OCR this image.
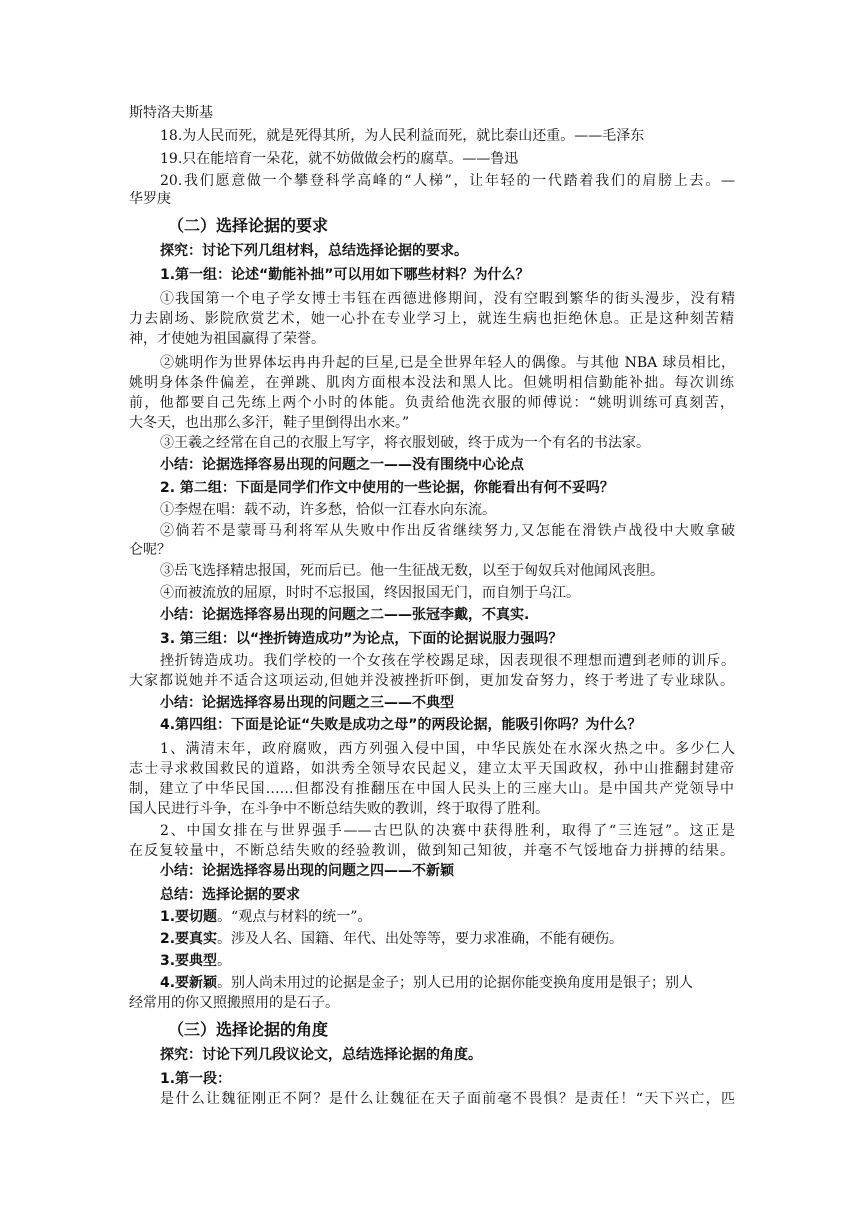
斯特洛夫斯基
18.为人民而死，就是死得其所，为人民利益而死，就比泰山还重。——毛泽东
19.只在能培育一朵花，就不妨做做会朽的腐草。——鲁迅
20.我们愿意做一个攀登科学高峰的“人梯”，让年轻的一代踏着我们的肩膀上去。—
华罗庚
（二）选择论据的要求
探究：讨论下列几组材料，总结选择论据的要求。
1.第一组：论述“勤能补拙”可以用如下哪些材料？为什么？
①我国第一个电子学女博士韦钰在西德进修期间，没有空暇到繁华的街头漫步，没有精
力去剧场、影院欣赏艺术，她一心扑在专业学习上，就连生病也拒绝休息。正是这种刻苦精
神，才使她为祖国赢得了荣誉。
②姚明作为世界体坛冉冉升起的巨星,已是全世界年轻人的偶像。与其他 NBA 球员相比，
姚明身体条件偏差，在弹跳、肌肉方面根本没法和黑人比。但姚明相信勤能补拙。每次训练
前，他都要自己先练上两个小时的体能。负责给他洗衣服的师傅说：“姚明训练可真刻苦，
大冬天，也出那么多汗，鞋子里倒得出水来。”
③王羲之经常在自己的衣服上写字，将衣服划破，终于成为一个有名的书法家。
小结：论据选择容易出现的问题之一——没有围绕中心论点
2. 第二组：下面是同学们作文中使用的一些论据，你能看出有何不妥吗？
①李煜在唱：载不动，许多愁，恰似一江春水向东流。
②倘若不是蒙哥马利将军从失败中作出反省继续努力,又怎能在滑铁卢战役中大败拿破
仑呢？
③岳飞选择精忠报国，死而后已。他一生征战无数，以至于匈奴兵对他闻风丧胆。
④而被流放的屈原，时时不忘报国，终因报国无门，而自刎于乌江。
小结：论据选择容易出现的问题之二——张冠李戴，不真实.
3. 第三组：以“挫折铸造成功”为论点，下面的论据说服力强吗？
挫折铸造成功。我们学校的一个女孩在学校踢足球，因表现很不理想而遭到老师的训斥。
大家都说她并不适合这项运动,但她并没被挫折吓倒，更加发奋努力，终于考进了专业球队。
小结：论据选择容易出现的问题之三——不典型
4.第四组：下面是论证“失败是成功之母”的两段论据，能吸引你吗？为什么？
1、满清末年，政府腐败，西方列强入侵中国，中华民族处在水深火热之中。多少仁人
志士寻求救国救民的道路，如洪秀全领导农民起义，建立太平天国政权，孙中山推翻封建帝
制，建立了中华民国……但都没有推翻压在中国人民头上的三座大山。是中国共产党领导中
国人民进行斗争，在斗争中不断总结失败的教训，终于取得了胜利。
2、中国女排在与世界强手——古巴队的决赛中获得胜利，取得了“三连冠”。这正是
在反复较量中，不断总结失败的经验教训，做到知己知彼，并毫不气馁地奋力拼搏的结果。
小结：论据选择容易出现的问题之四——不新颖
总结：选择论据的要求
1.要切题。“观点与材料的统一”。
2.要真实。涉及人名、国籍、年代、出处等等，要力求准确，不能有硬伤。
3.要典型。
4.要新颖。别人尚未用过的论据是金子；别人已用的论据你能变换角度用是银子；别人
经常用的你又照搬照用的是石子。
（三）选择论据的角度
探究：讨论下列几段议论文，总结选择论据的角度。
1.第一段：
是什么让魏征刚正不阿？是什么让魏征在天子面前毫不畏惧？是责任！“天下兴亡，匹
